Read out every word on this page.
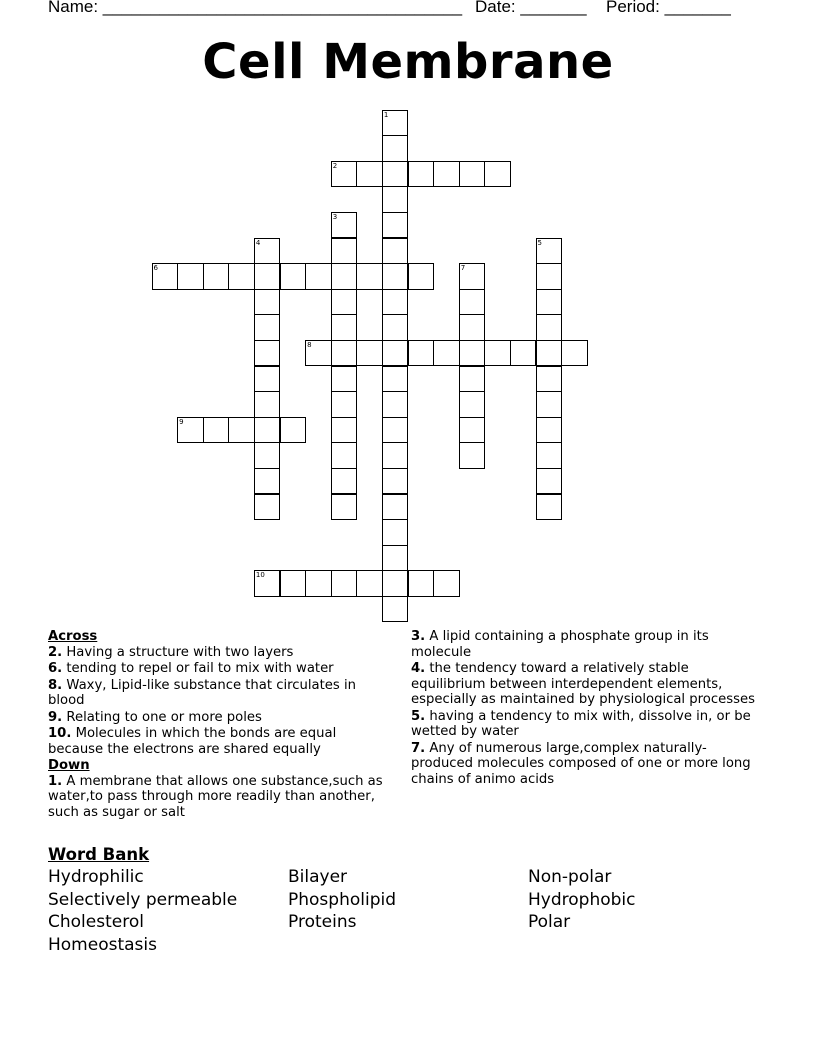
Name: ______________________________________ Date: _______ Period: _______
Cell Membrane
1
2
3
4	5
6	7
8
9
10
Across
2. Having a structure with two layers
6. tending to repel or fail to mix with water
8. Waxy, Lipid-like substance that circulates in blood
9. Relating to one or more poles
10. Molecules in which the bonds are equal because the electrons are shared equally
Down
1. A membrane that allows one substance,such as water,to pass through more readily than another, such as sugar or salt
3. A lipid containing a phosphate group in its molecule
4. the tendency toward a relatively stable equilibrium between interdependent elements, especially as maintained by physiological processes
5. having a tendency to mix with, dissolve in, or be wetted by water
7. Any of numerous large,complex naturally-produced molecules composed of one or more long chains of animo acids
Word Bank
Hydrophilic	Bilayer	Non-polar
Selectively permeable	Phospholipid	Hydrophobic
Cholesterol	Proteins	Polar
Homeostasis
